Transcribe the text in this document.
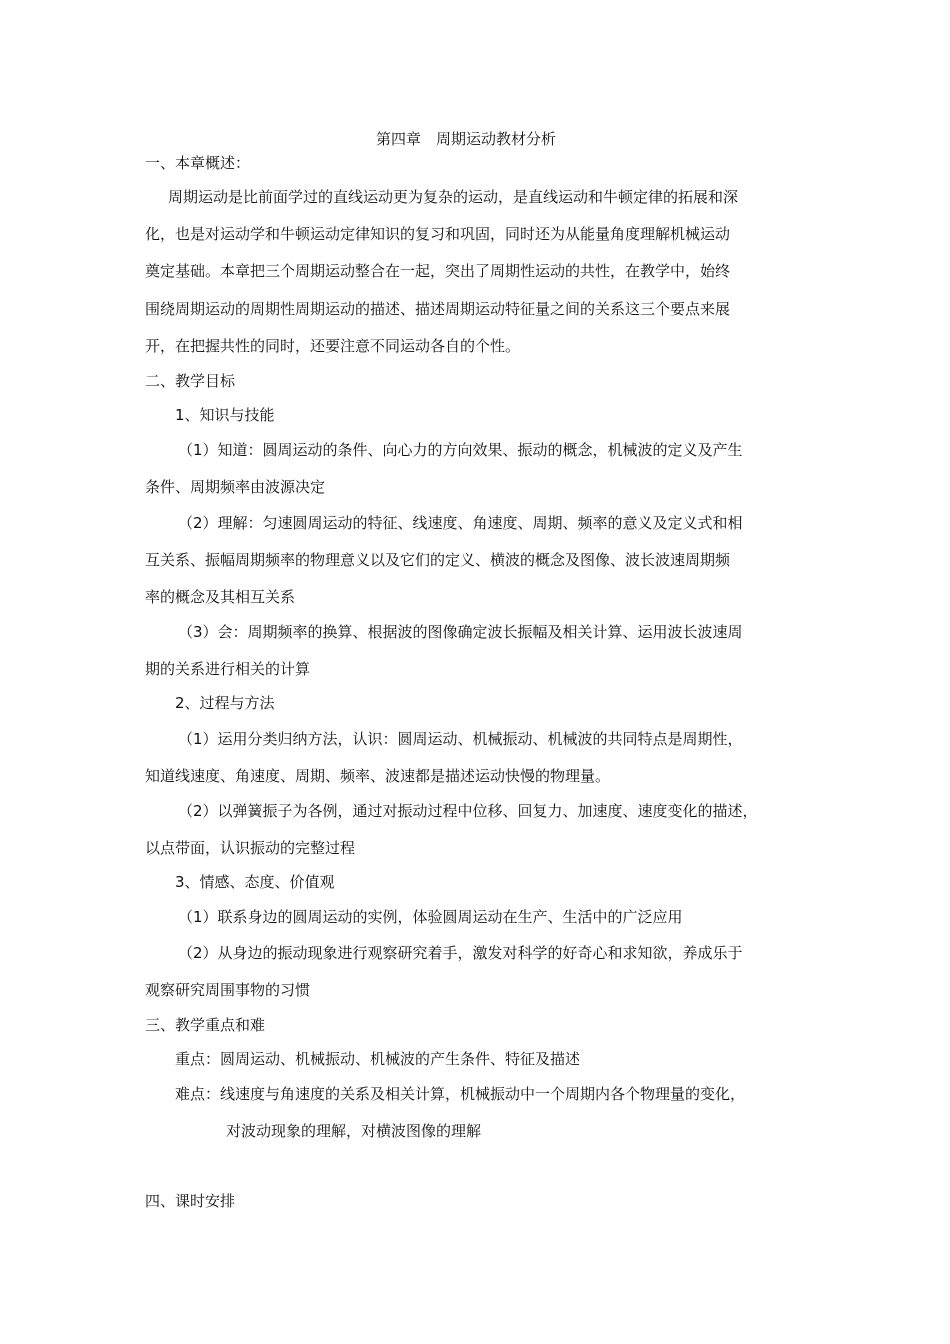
第四章　周期运动教材分析
一、本章概述：
周期运动是比前面学过的直线运动更为复杂的运动，是直线运动和牛顿定律的拓展和深
化，也是对运动学和牛顿运动定律知识的复习和巩固，同时还为从能量角度理解机械运动
奠定基础。本章把三个周期运动整合在一起，突出了周期性运动的共性，在教学中，始终
围绕周期运动的周期性周期运动的描述、描述周期运动特征量之间的关系这三个要点来展
开，在把握共性的同时，还要注意不同运动各自的个性。
二、教学目标
1、知识与技能
（1）知道：圆周运动的条件、向心力的方向效果、振动的概念，机械波的定义及产生
条件、周期频率由波源决定
（2）理解：匀速圆周运动的特征、线速度、角速度、周期、频率的意义及定义式和相
互关系、振幅周期频率的物理意义以及它们的定义、横波的概念及图像、波长波速周期频
率的概念及其相互关系
（3）会：周期频率的换算、根据波的图像确定波长振幅及相关计算、运用波长波速周
期的关系进行相关的计算
2、过程与方法
（1）运用分类归纳方法，认识：圆周运动、机械振动、机械波的共同特点是周期性，
知道线速度、角速度、周期、频率、波速都是描述运动快慢的物理量。
（2）以弹簧振子为各例，通过对振动过程中位移、回复力、加速度、速度变化的描述，
以点带面，认识振动的完整过程
3、情感、态度、价值观
（1）联系身边的圆周运动的实例，体验圆周运动在生产、生活中的广泛应用
（2）从身边的振动现象进行观察研究着手，激发对科学的好奇心和求知欲，养成乐于
观察研究周围事物的习惯
三、教学重点和难
重点：圆周运动、机械振动、机械波的产生条件、特征及描述
难点：线速度与角速度的关系及相关计算，机械振动中一个周期内各个物理量的变化，
对波动现象的理解，对横波图像的理解
四、课时安排
